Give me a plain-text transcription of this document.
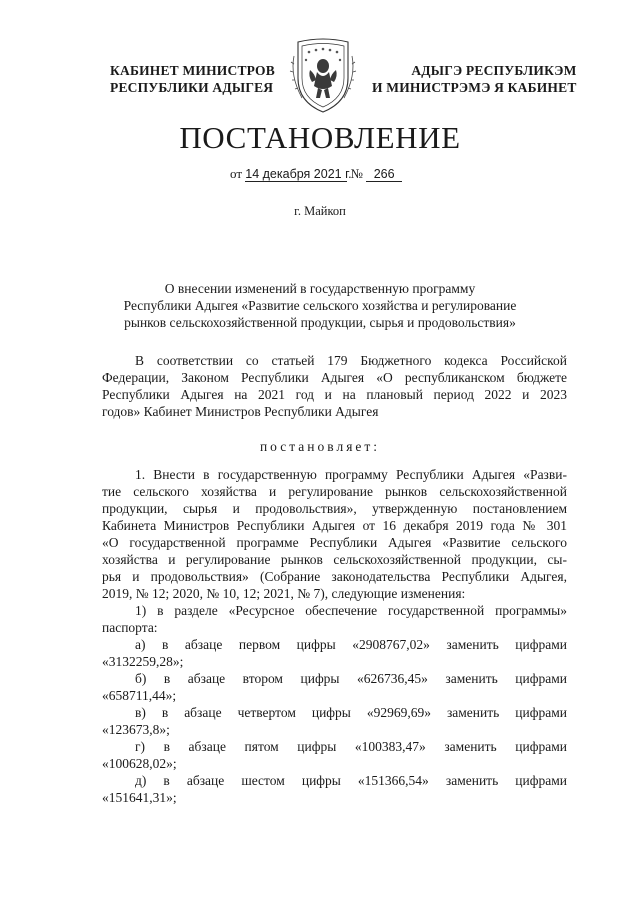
КАБИНЕТ МИНИСТРОВ
РЕСПУБЛИКИ АДЫГЕЯ
АДЫГЭ РЕСПУБЛИКЭМ
И МИНИСТРЭМЭ Я КАБИНЕТ
ПОСТАНОВЛЕНИЕ
от 14 декабря 2021 г. № 266
г. Майкоп
О внесении изменений в государственную программу
Республики Адыгея «Развитие сельского хозяйства и регулирование
рынков сельскохозяйственной продукции, сырья и продовольствия»
В соответствии со статьей 179 Бюджетного кодекса Российской
Федерации, Законом Республики Адыгея «О республиканском бюджете
Республики Адыгея на 2021 год и на плановый период 2022 и 2023
годов» Кабинет Министров Республики Адыгея
постановляет:
1. Внести в государственную программу Республики Адыгея «Разви-
тие сельского хозяйства и регулирование рынков сельскохозяйственной
продукции, сырья и продовольствия», утвержденную постановлением
Кабинета Министров Республики Адыгея от 16 декабря 2019 года № 301
«О государственной программе Республики Адыгея «Развитие сельского
хозяйства и регулирование рынков сельскохозяйственной продукции, сы-
рья и продовольствия» (Собрание законодательства Республики Адыгея,
2019, № 12; 2020, № 10, 12; 2021, № 7), следующие изменения:
1) в разделе «Ресурсное обеспечение государственной программы»
паспорта:
а) в абзаце первом цифры «2908767,02» заменить цифрами
«3132259,28»;
б) в абзаце втором цифры «626736,45» заменить цифрами
«658711,44»;
в) в абзаце четвертом цифры «92969,69» заменить цифрами
«123673,8»;
г) в абзаце пятом цифры «100383,47» заменить цифрами
«100628,02»;
д) в абзаце шестом цифры «151366,54» заменить цифрами
«151641,31»;
